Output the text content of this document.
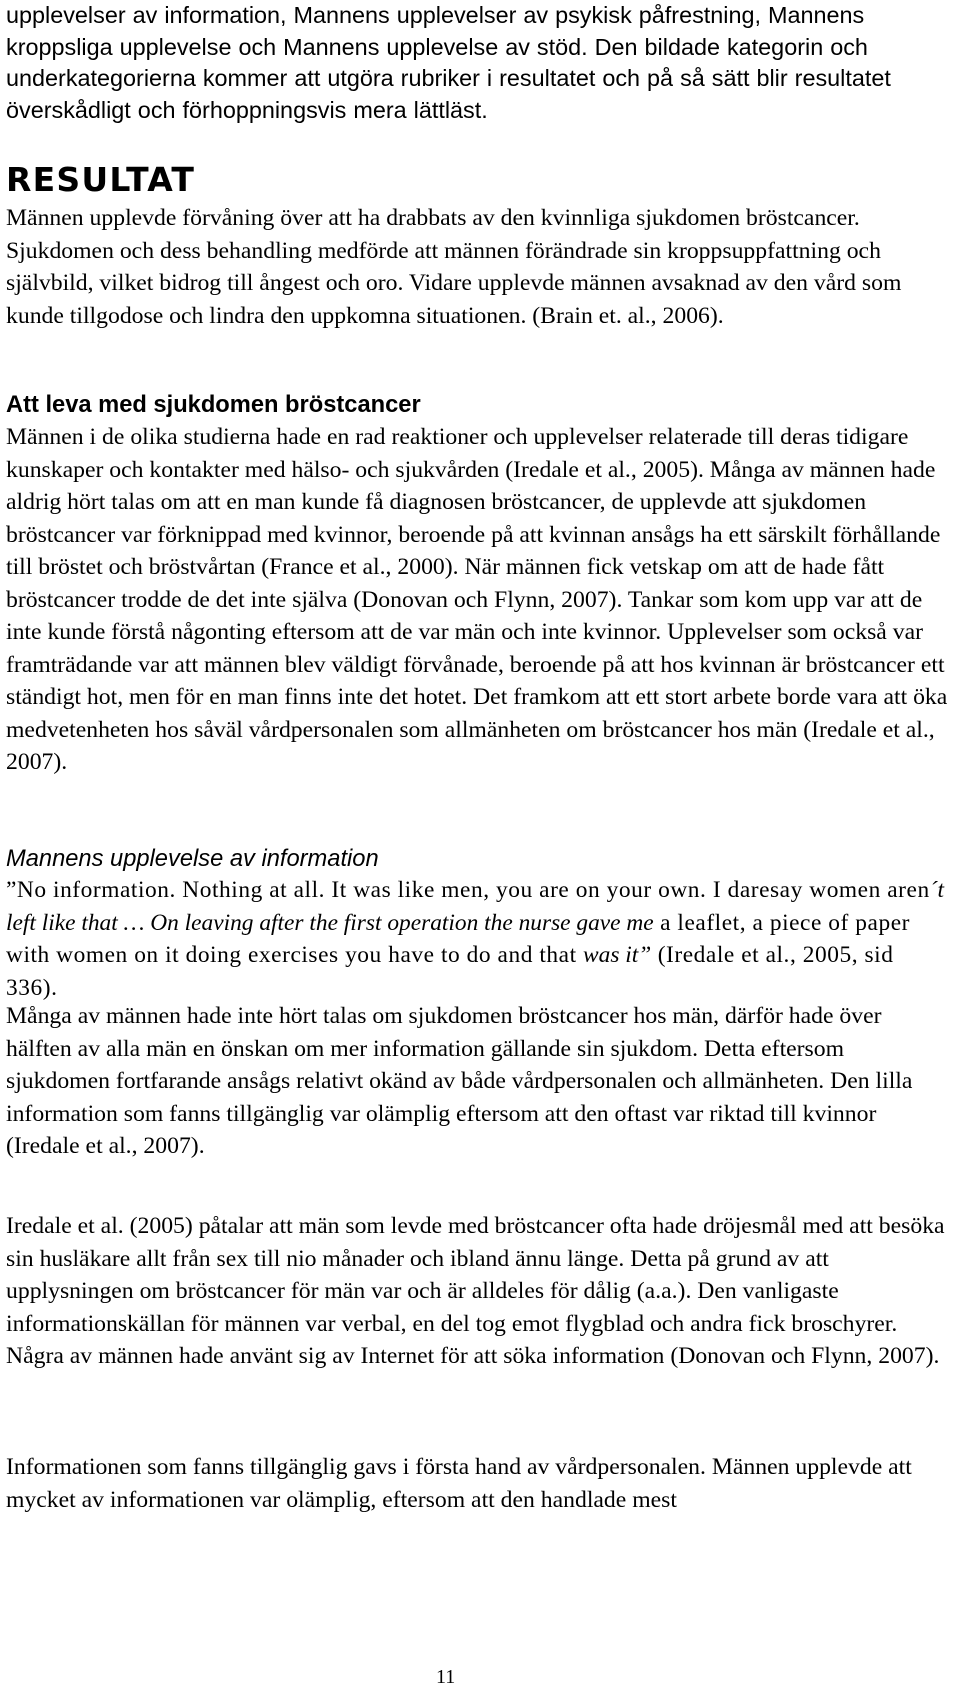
upplevelser av information, Mannens upplevelser av psykisk påfrestning, Mannens kroppsliga upplevelse och Mannens upplevelse av stöd. Den bildade kategorin och underkategorierna kommer att utgöra rubriker i resultatet och på så sätt blir resultatet överskådligt och förhoppningsvis mera lättläst.

RESULTAT

Männen upplevde förvåning över att ha drabbats av den kvinnliga sjukdomen bröstcancer. Sjukdomen och dess behandling medförde att männen förändrade sin kroppsuppfattning och självbild, vilket bidrog till ångest och oro. Vidare upplevde männen avsaknad av den vård som kunde tillgodose och lindra den uppkomna situationen. (Brain et. al., 2006).

Att leva med sjukdomen bröstcancer

Männen i de olika studierna hade en rad reaktioner och upplevelser relaterade till deras tidigare kunskaper och kontakter med hälso- och sjukvården (Iredale et al., 2005). Många av männen hade aldrig hört talas om att en man kunde få diagnosen bröstcancer, de upplevde att sjukdomen bröstcancer var förknippad med kvinnor, beroende på att kvinnan ansågs ha ett särskilt förhållande till bröstet och bröstvårtan (France et al., 2000). När männen fick vetskap om att de hade fått bröstcancer trodde de det inte själva (Donovan och Flynn, 2007). Tankar som kom upp var att de inte kunde förstå någonting eftersom att de var män och inte kvinnor. Upplevelser som också var framträdande var att männen blev väldigt förvånade, beroende på att hos kvinnan är bröstcancer ett ständigt hot, men för en man finns inte det hotet. Det framkom att ett stort arbete borde vara att öka medvetenheten hos såväl vårdpersonalen som allmänheten om bröstcancer hos män (Iredale et al., 2007).

Mannens upplevelse av information

”No information. Nothing at all. It was like men, you are on your own. I daresay women aren´t left like that … On leaving after the first operation the nurse gave me a leaflet, a piece of paper with women on it doing exercises you have to do and that was it” (Iredale et al., 2005, sid 336).

Många av männen hade inte hört talas om sjukdomen bröstcancer hos män, därför hade över hälften av alla män en önskan om mer information gällande sin sjukdom. Detta eftersom sjukdomen fortfarande ansågs relativt okänd av både vårdpersonalen och allmänheten. Den lilla information som fanns tillgänglig var olämplig eftersom att den oftast var riktad till kvinnor (Iredale et al., 2007).

Iredale et al. (2005) påtalar att män som levde med bröstcancer ofta hade dröjesmål med att besöka sin husläkare allt från sex till nio månader och ibland ännu länge. Detta på grund av att upplysningen om bröstcancer för män var och är alldeles för dålig (a.a.). Den vanligaste informationskällan för männen var verbal, en del tog emot flygblad och andra fick broschyrer. Några av männen hade använt sig av Internet för att söka information (Donovan och Flynn, 2007).

Informationen som fanns tillgänglig gavs i första hand av vårdpersonalen. Männen upplevde att mycket av informationen var olämplig, eftersom att den handlade mest

11
